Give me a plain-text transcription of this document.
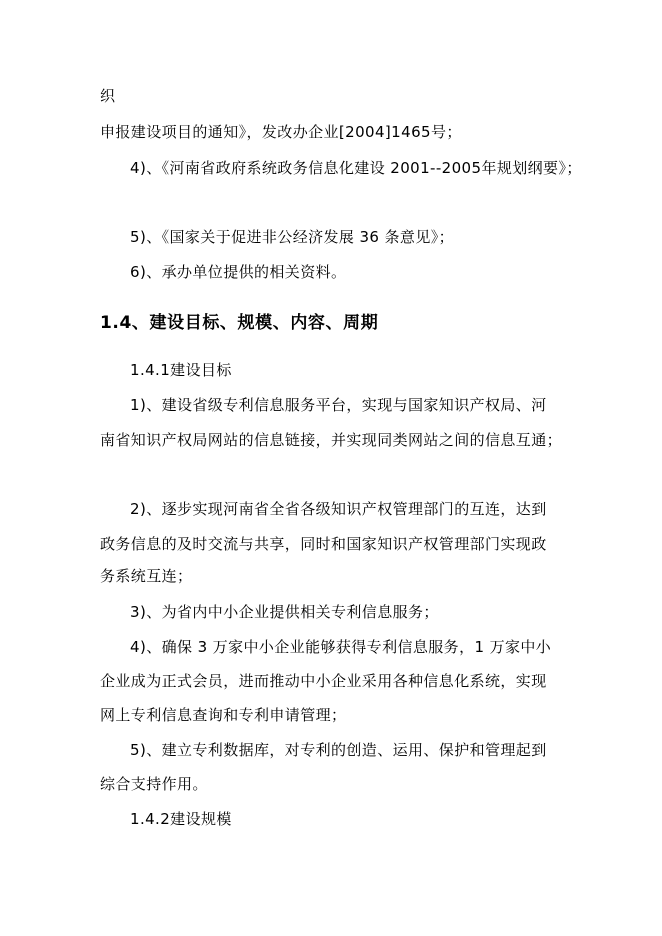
织
申报建设项目的通知》，发改办企业[2004]1465号；
4)、《河南省政府系统政务信息化建设 2001--2005年规划纲要》；
5)、《国家关于促进非公经济发展 36 条意见》；
6)、承办单位提供的相关资料。
1.4、建设目标、规模、内容、周期
1.4.1建设目标
1)、建设省级专利信息服务平台，实现与国家知识产权局、河
南省知识产权局网站的信息链接，并实现同类网站之间的信息互通；
2)、逐步实现河南省全省各级知识产权管理部门的互连，达到
政务信息的及时交流与共享，同时和国家知识产权管理部门实现政
务系统互连；
3)、为省内中小企业提供相关专利信息服务；
4)、确保 3 万家中小企业能够获得专利信息服务，1 万家中小
企业成为正式会员，进而推动中小企业采用各种信息化系统，实现
网上专利信息查询和专利申请管理；
5)、建立专利数据库，对专利的创造、运用、保护和管理起到
综合支持作用。
1.4.2建设规模
